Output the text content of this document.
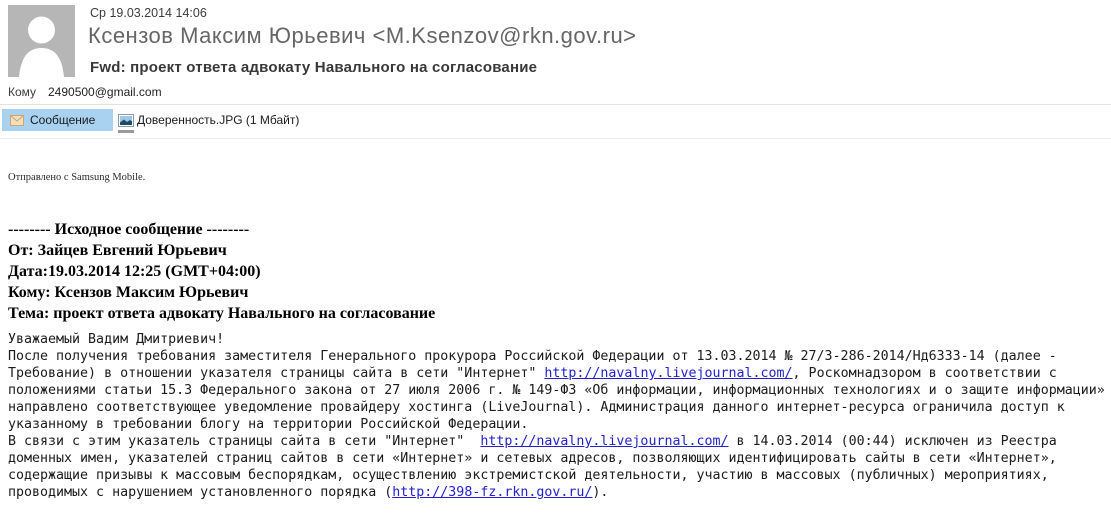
Ср 19.03.2014 14:06
Ксензов Максим Юрьевич <M.Ksenzov@rkn.gov.ru>
Fwd: проект ответа адвокату Навального на согласование
Кому 2490500@gmail.com
Сообщение	Доверенность.JPG (1 Мбайт)
Отправлено с Samsung Mobile.
-------- Исходное сообщение --------
От: Зайцев Евгений Юрьевич
Дата:19.03.2014 12:25 (GMT+04:00)
Кому: Ксензов Максим Юрьевич
Тема: проект ответа адвокату Навального на согласование
Уважаемый Вадим Дмитриевич!
После получения требования заместителя Генерального прокурора Российской Федерации от 13.03.2014 № 27/3-286-2014/Нд6333-14 (далее -
Требование) в отношении указателя страницы сайта в сети "Интернет" http://navalny.livejournal.com/, Роскомнадзором в соответствии с
положениями статьи 15.3 Федерального закона от 27 июля 2006 г. № 149-ФЗ «Об информации, информационных технологиях и о защите информации»
направлено соответствующее уведомление провайдеру хостинга (LiveJournal). Администрация данного интернет-ресурса ограничила доступ к
указанному в требовании блогу на территории Российской Федерации.
В связи с этим указатель страницы сайта в сети "Интернет"  http://navalny.livejournal.com/ в 14.03.2014 (00:44) исключен из Реестра
доменных имен, указателей страниц сайтов в сети «Интернет» и сетевых адресов, позволяющих идентифицировать сайты в сети «Интернет»,
содержащие призывы к массовым беспорядкам, осуществлению экстремистской деятельности, участию в массовых (публичных) мероприятиях,
проводимых с нарушением установленного порядка (http://398-fz.rkn.gov.ru/).
